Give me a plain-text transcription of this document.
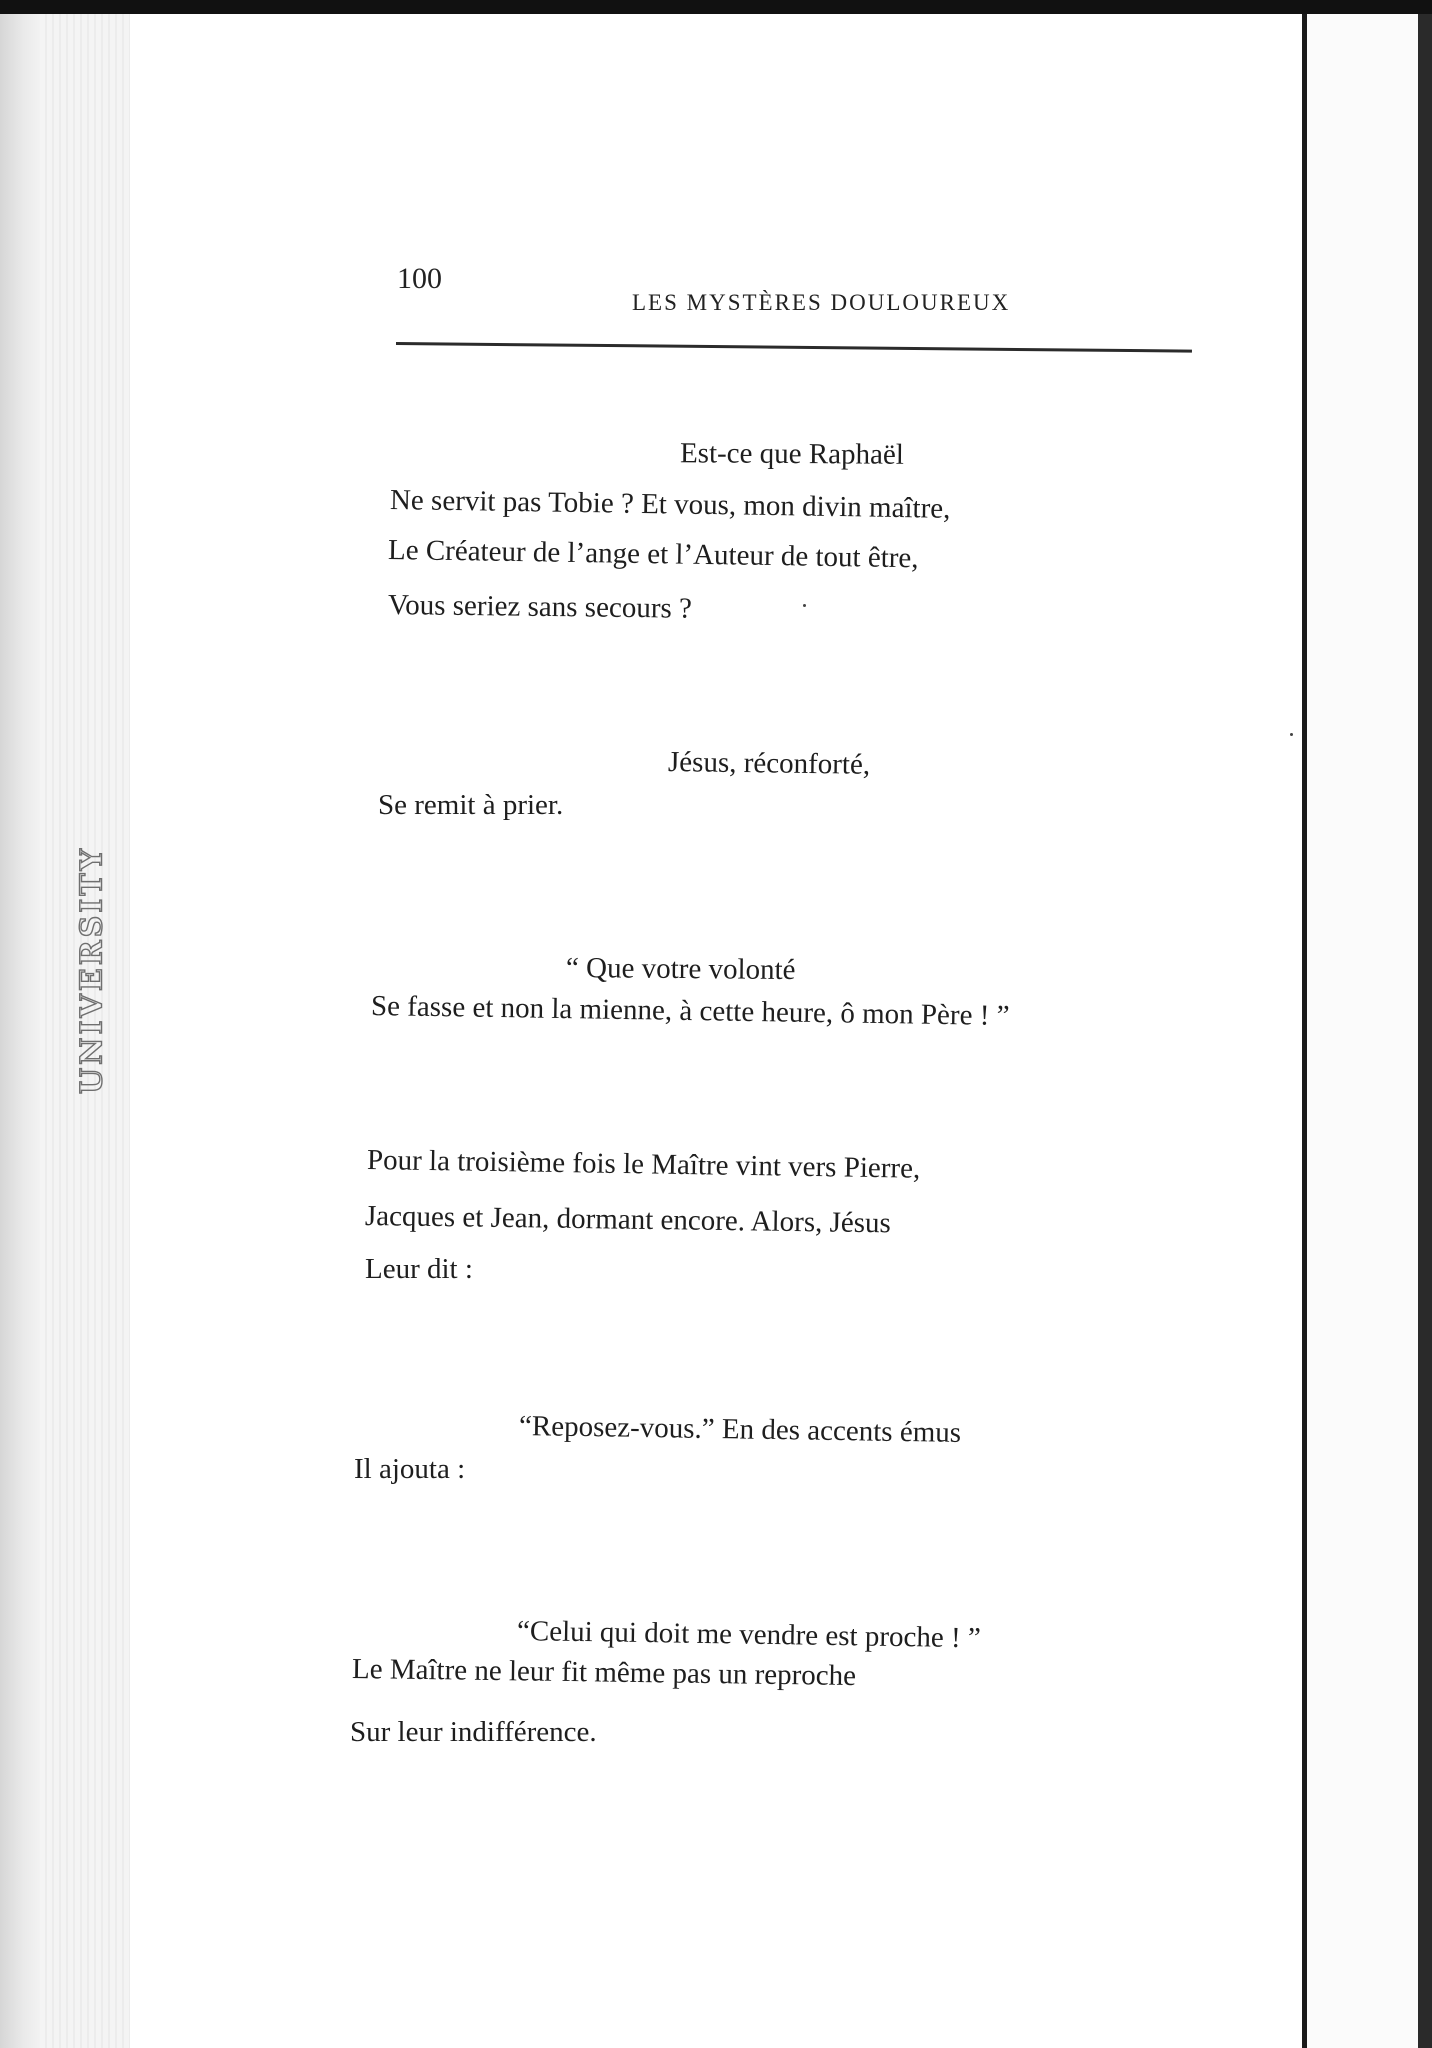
UNIVERSITY
100
LES MYSTÈRES DOULOUREUX
Est-ce que Raphaël
Ne servit pas Tobie ? Et vous, mon divin maître,
Le Créateur de l’ange et l’Auteur de tout être,
Vous seriez sans secours ?
Jésus, réconforté,
Se remit à prier.
“ Que votre volonté
Se fasse et non la mienne, à cette heure, ô mon Père ! ”
Pour la troisième fois le Maître vint vers Pierre,
Jacques et Jean, dormant encore. Alors, Jésus
Leur dit :
“Reposez-vous.” En des accents émus
Il ajouta :
“Celui qui doit me vendre est proche ! ”
Le Maître ne leur fit même pas un reproche
Sur leur indifférence.
